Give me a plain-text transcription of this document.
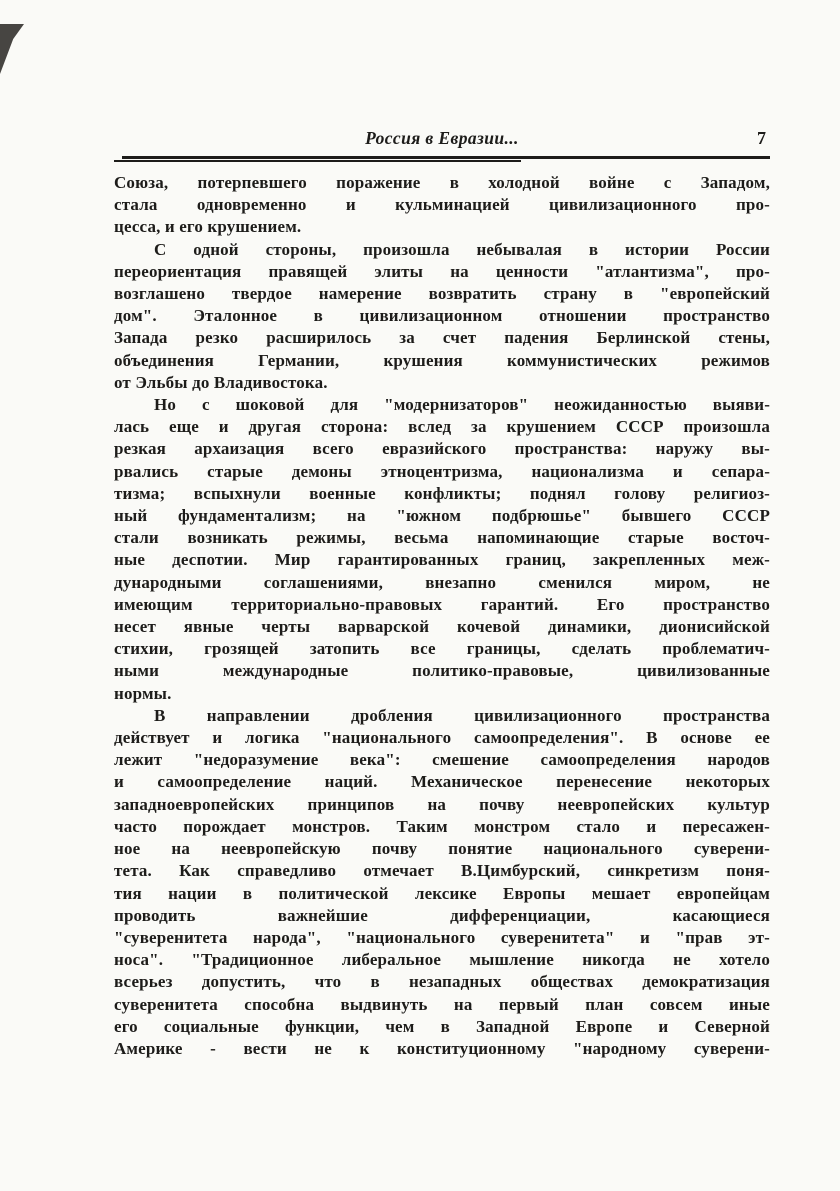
Россия в Евразии...	7
Союза, потерпевшего поражение в холодной войне с Западом,
стала одновременно и кульминацией цивилизационного про-
цесса, и его крушением.
С одной стороны, произошла небывалая в истории России
переориентация правящей элиты на ценности "атлантизма", про-
возглашено твердое намерение возвратить страну в "европейский
дом". Эталонное в цивилизационном отношении пространство
Запада резко расширилось за счет падения Берлинской стены,
объединения Германии, крушения коммунистических режимов
от Эльбы до Владивостока.
Но с шоковой для "модернизаторов" неожиданностью выяви-
лась еще и другая сторона: вслед за крушением СССР произошла
резкая архаизация всего евразийского пространства: наружу вы-
рвались старые демоны этноцентризма, национализма и сепара-
тизма; вспыхнули военные конфликты; поднял голову религиоз-
ный фундаментализм; на "южном подбрюшье" бывшего СССР
стали возникать режимы, весьма напоминающие старые восточ-
ные деспотии. Мир гарантированных границ, закрепленных меж-
дународными соглашениями, внезапно сменился миром, не
имеющим территориально-правовых гарантий. Его пространство
несет явные черты варварской кочевой динамики, дионисийской
стихии, грозящей затопить все границы, сделать проблематич-
ными международные политико-правовые, цивилизованные
нормы.
В направлении дробления цивилизационного пространства
действует и логика "национального самоопределения". В основе ее
лежит "недоразумение века": смешение самоопределения народов
и самоопределение наций. Механическое перенесение некоторых
западноевропейских принципов на почву неевропейских культур
часто порождает монстров. Таким монстром стало и пересажен-
ное на неевропейскую почву понятие национального суверени-
тета. Как справедливо отмечает В.Цимбурский, синкретизм поня-
тия нации в политической лексике Европы мешает европейцам
проводить важнейшие дифференциации, касающиеся
"суверенитета народа", "национального суверенитета" и "прав эт-
носа". "Традиционное либеральное мышление никогда не хотело
всерьез допустить, что в незападных обществах демократизация
суверенитета способна выдвинуть на первый план совсем иные
его социальные функции, чем в Западной Европе и Северной
Америке - вести не к конституционному "народному суверени-
